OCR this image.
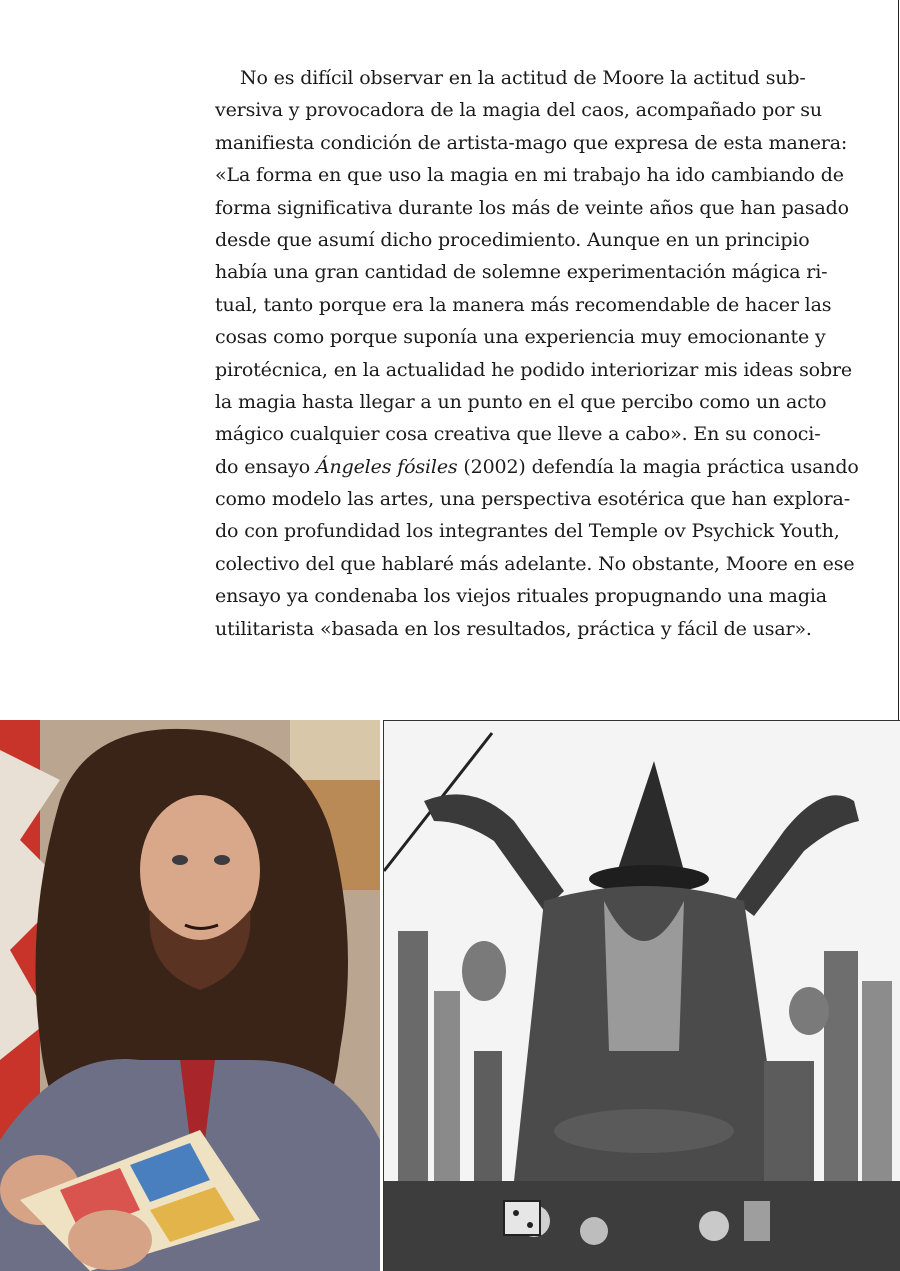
No es difícil observar en la actitud de Moore la actitud sub-
versiva y provocadora de la magia del caos, acompañado por su
manifiesta condición de artista-mago que expresa de esta manera:
«La forma en que uso la magia en mi trabajo ha ido cambiando de
forma significativa durante los más de veinte años que han pasado
desde que asumí dicho procedimiento. Aunque en un principio
había una gran cantidad de solemne experimentación mágica ri-
tual, tanto porque era la manera más recomendable de hacer las
cosas como porque suponía una experiencia muy emocionante y
pirotécnica, en la actualidad he podido interiorizar mis ideas sobre
la magia hasta llegar a un punto en el que percibo como un acto
mágico cualquier cosa creativa que lleve a cabo». En su conoci-
do ensayo Ángeles fósiles (2002) defendía la magia práctica usando
como modelo las artes, una perspectiva esotérica que han explora-
do con profundidad los integrantes del Temple ov Psychick Youth,
colectivo del que hablaré más adelante. No obstante, Moore en ese
ensayo ya condenaba los viejos rituales propugnando una magia
utilitarista «basada en los resultados, práctica y fácil de usar».
